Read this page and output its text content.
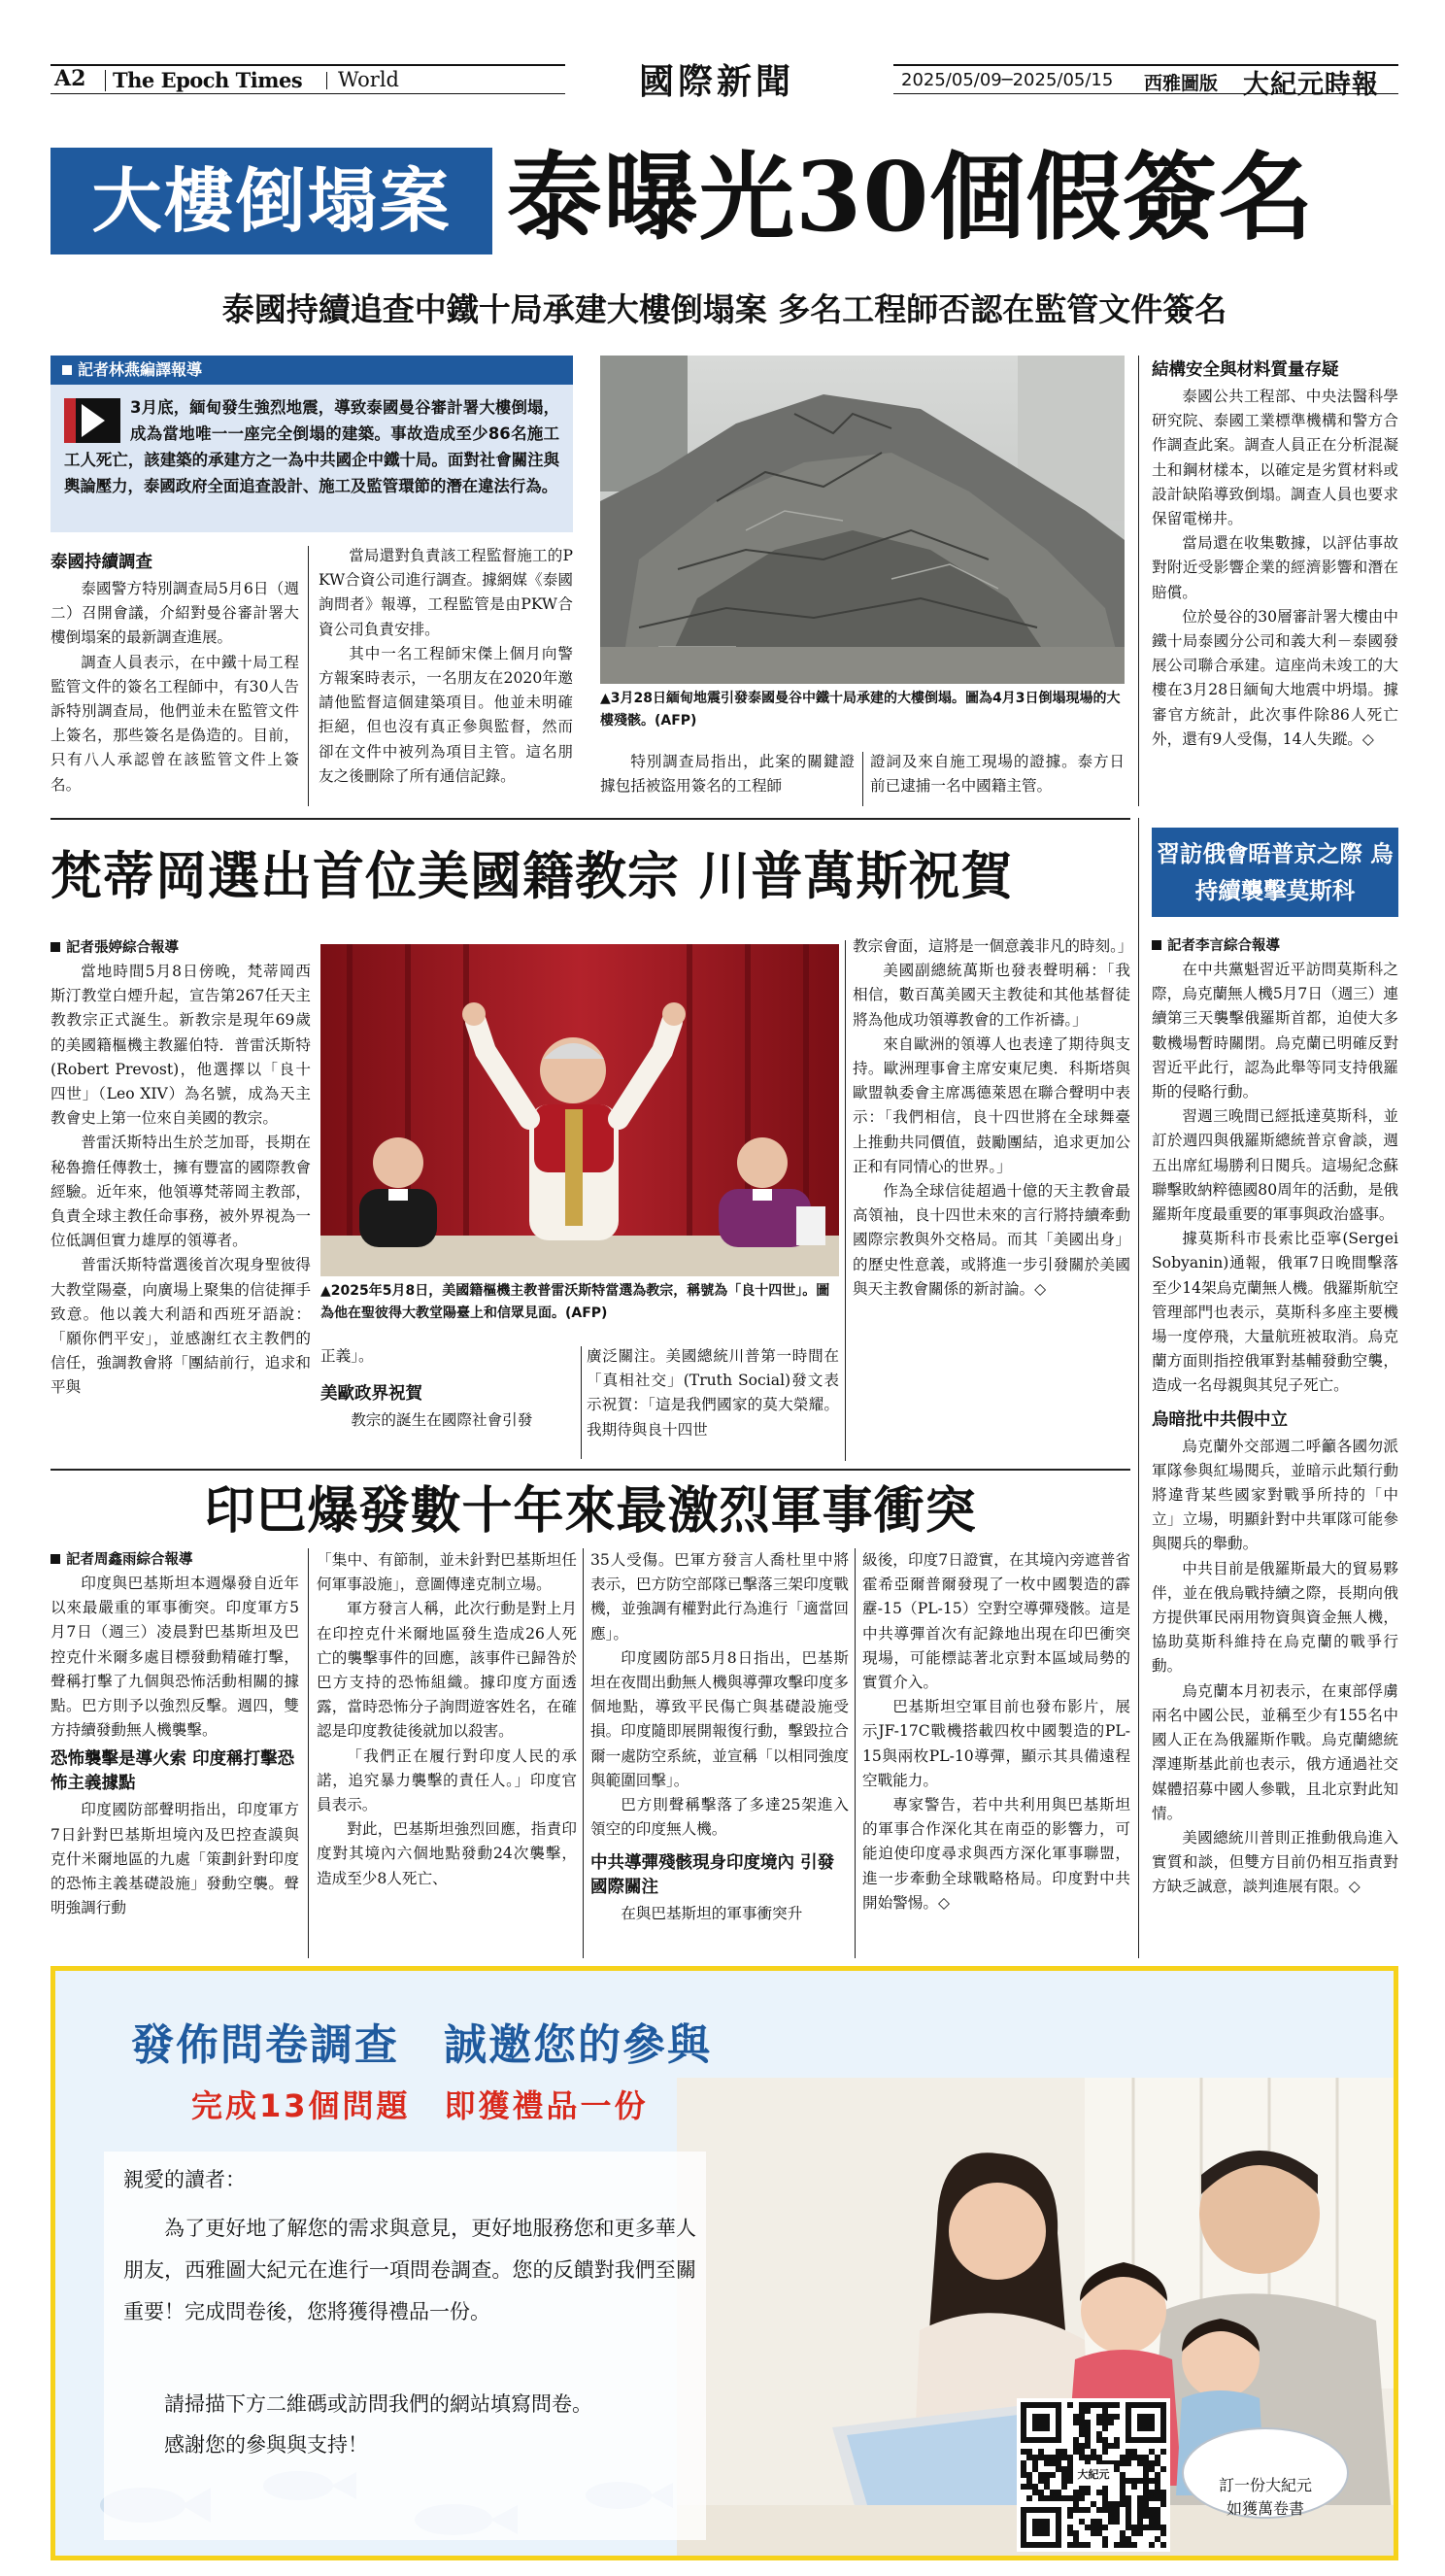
A2 The Epoch Times World	國際新聞	2025/05/09─2025/05/15 西雅圖版 大紀元時報
大樓倒塌案 泰曝光30個假簽名
泰國持續追查中鐵十局承建大樓倒塌案 多名工程師否認在監管文件簽名
記者林燕編譯報導
3月底，緬甸發生強烈地震，導致泰國曼谷審計署大樓倒塌，成為當地唯一一座完全倒塌的建築。事故造成至少86名施工工人死亡，該建築的承建方之一為中共國企中鐵十局。面對社會關注與輿論壓力，泰國政府全面追查設計、施工及監管環節的潛在違法行為。
泰國持續調查

泰國警方特別調查局5月6日（週二）召開會議，介紹對曼谷審計署大樓倒塌案的最新調查進展。

調查人員表示，在中鐵十局工程監管文件的簽名工程師中，有30人告訴特別調查局，他們並未在監管文件上簽名，那些簽名是偽造的。目前，只有八人承認曾在該監管文件上簽名。

當局還對負責該工程監督施工的PKW合資公司進行調查。據網媒《泰國詢問者》報導，工程監管是由PKW合資公司負責安排。

其中一名工程師宋傑上個月向警方報案時表示，一名朋友在2020年邀請他監督這個建築項目。他並未明確拒絕，但也沒有真正參與監督，然而卻在文件中被列為項目主管。這名朋友之後刪除了所有通信記錄。

▲3月28日緬甸地震引發泰國曼谷中鐵十局承建的大樓倒塌。圖為4月3日倒塌現場的大樓殘骸。(AFP)

特別調查局指出，此案的關鍵證據包括被盜用簽名的工程師

證詞及來自施工現場的證據。泰方日前已逮捕一名中國籍主管。

結構安全與材料質量存疑

泰國公共工程部、中央法醫科學研究院、泰國工業標準機構和警方合作調查此案。調查人員正在分析混凝土和鋼材樣本，以確定是劣質材料或設計缺陷導致倒塌。調查人員也要求保留電梯井。

當局還在收集數據，以評估事故對附近受影響企業的經濟影響和潛在賠償。

位於曼谷的30層審計署大樓由中鐵十局泰國分公司和義大利－泰國發展公司聯合承建。這座尚未竣工的大樓在3月28日緬甸大地震中坍塌。據審官方統計，此次事件除86人死亡外，還有9人受傷，14人失蹤。◇

梵蒂岡選出首位美國籍教宗 川普萬斯祝賀
記者張婷綜合報導

當地時間5月8日傍晚，梵蒂岡西斯汀教堂白煙升起，宣告第267任天主教教宗正式誕生。新教宗是現年69歲的美國籍樞機主教羅伯特．普雷沃斯特(Robert Prevost)，他選擇以「良十四世」（Leo XIV）為名號，成為天主教會史上第一位來自美國的教宗。

普雷沃斯特出生於芝加哥，長期在秘魯擔任傳教士，擁有豐富的國際教會經驗。近年來，他領導梵蒂岡主教部，負責全球主教任命事務，被外界視為一位低調但實力雄厚的領導者。

普雷沃斯特當選後首次現身聖彼得大教堂陽臺，向廣場上聚集的信徒揮手致意。他以義大利語和西班牙語說：「願你們平安」，並感謝红衣主教們的信任，強調教會將「團結前行，追求和平與

▲2025年5月8日，美國籍樞機主教普雷沃斯特當選為教宗，稱號為「良十四世」。圖為他在聖彼得大教堂陽臺上和信眾見面。(AFP)

正義」。

美歐政界祝賀

教宗的誕生在國際社會引發

廣泛關注。美國總統川普第一時間在「真相社交」(Truth Social)發文表示祝賀：「這是我們國家的莫大榮耀。我期待與良十四世

教宗會面，這將是一個意義非凡的時刻。」

美國副總統萬斯也發表聲明稱：「我相信，數百萬美國天主教徒和其他基督徒將為他成功領導教會的工作祈禱。」

來自歐洲的領導人也表達了期待與支持。歐洲理事會主席安東尼奧．科斯塔與歐盟執委會主席馮德萊恩在聯合聲明中表示：「我們相信，良十四世將在全球舞臺上推動共同價值，鼓勵團結，追求更加公正和有同情心的世界。」

作為全球信徒超過十億的天主教會最高領袖，良十四世未來的言行將持續牽動國際宗教與外交格局。而其「美國出身」的歷史性意義，或將進一步引發關於美國與天主教會關係的新討論。◇

習訪俄會晤普京之際 烏持續襲擊莫斯科
記者李言綜合報導

在中共黨魁習近平訪問莫斯科之際，烏克蘭無人機5月7日（週三）連續第三天襲擊俄羅斯首都，迫使大多數機場暫時關閉。烏克蘭已明確反對習近平此行，認為此舉等同支持俄羅斯的侵略行動。

習週三晚間已經抵達莫斯科，並訂於週四與俄羅斯總統普京會談，週五出席紅場勝利日閱兵。這場紀念蘇聯擊敗納粹德國80周年的活動，是俄羅斯年度最重要的軍事與政治盛事。

據莫斯科市長索比亞寧(Sergei Sobyanin)通報，俄軍7日晚間擊落至少14架烏克蘭無人機。俄羅斯航空管理部門也表示，莫斯科多座主要機場一度停飛，大量航班被取消。烏克蘭方面則指控俄軍對基輔發動空襲，造成一名母親與其兒子死亡。

烏暗批中共假中立

烏克蘭外交部週二呼籲各國勿派軍隊參與紅場閱兵，並暗示此類行動將違背某些國家對戰爭所持的「中立」立場，明顯針對中共軍隊可能參與閱兵的舉動。

中共目前是俄羅斯最大的貿易夥伴，並在俄烏戰持續之際，長期向俄方提供軍民兩用物資與資金無人機，協助莫斯科維持在烏克蘭的戰爭行動。

烏克蘭本月初表示，在東部俘虜兩名中國公民，並稱至少有155名中國人正在為俄羅斯作戰。烏克蘭總統澤連斯基此前也表示，俄方通過社交媒體招募中國人參戰，且北京對此知情。

美國總統川普則正推動俄烏進入實質和談，但雙方目前仍相互指責對方缺乏誠意，談判進展有限。◇

印巴爆發數十年來最激烈軍事衝突
記者周鑫雨綜合報導

印度與巴基斯坦本週爆發自近年以來最嚴重的軍事衝突。印度軍方5月7日（週三）凌晨對巴基斯坦及巴控克什米爾多處目標發動精確打擊，聲稱打擊了九個與恐怖活動相關的據點。巴方則予以強烈反擊。週四，雙方持續發動無人機襲擊。

恐怖襲擊是導火索 印度稱打擊恐怖主義據點

印度國防部聲明指出，印度軍方7日針對巴基斯坦境內及巴控查謨與克什米爾地區的九處「策劃針對印度的恐怖主義基礎設施」發動空襲。聲明強調行動

「集中、有節制，並未針對巴基斯坦任何軍事設施」，意圖傳達克制立場。

軍方發言人稱，此次行動是對上月在印控克什米爾地區發生造成26人死亡的襲擊事件的回應，該事件已歸咎於巴方支持的恐怖組織。據印度方面透露，當時恐怖分子詢問遊客姓名，在確認是印度教徒後就加以殺害。

「我們正在履行對印度人民的承諾，追究暴力襲擊的責任人。」印度官員表示。

對此，巴基斯坦強烈回應，指責印度對其境內六個地點發動24次襲擊，造成至少8人死亡、

35人受傷。巴軍方發言人喬杜里中將表示，巴方防空部隊已擊落三架印度戰機，並強調有權對此行為進行「適當回應」。

印度國防部5月8日指出，巴基斯坦在夜間出動無人機與導彈攻擊印度多個地點，導致平民傷亡與基礎設施受損。印度隨即展開報復行動，擊毀拉合爾一處防空系統，並宣稱「以相同強度與範圍回擊」。

巴方則聲稱擊落了多達25架進入領空的印度無人機。

中共導彈殘骸現身印度境內 引發國際關注

在與巴基斯坦的軍事衝突升

級後，印度7日證實，在其境內旁遮普省霍希亞爾普爾發現了一枚中國製造的霹靂-15（PL-15）空對空導彈殘骸。這是中共導彈首次有記錄地出現在印巴衝突現場，可能標誌著北京對本區域局勢的實質介入。

巴基斯坦空軍目前也發布影片，展示JF-17C戰機搭載四枚中國製造的PL-15與兩枚PL-10導彈，顯示其具備遠程空戰能力。

專家警告，若中共利用與巴基斯坦的軍事合作深化其在南亞的影響力，可能迫使印度尋求與西方深化軍事聯盟，進一步牽動全球戰略格局。印度對中共開始警惕。◇

發佈問卷調查　誠邀您的參與
完成13個問題　即獲禮品一份
親愛的讀者：
為了更好地了解您的需求與意見，更好地服務您和更多華人朋友，西雅圖大紀元在進行一項問卷調查。您的反饋對我們至關重要！完成問卷後，您將獲得禮品一份。
請掃描下方二維碼或訪問我們的網站填寫問卷。
感謝您的參與與支持！
大紀元

訂一份大紀元
如獲萬卷書
